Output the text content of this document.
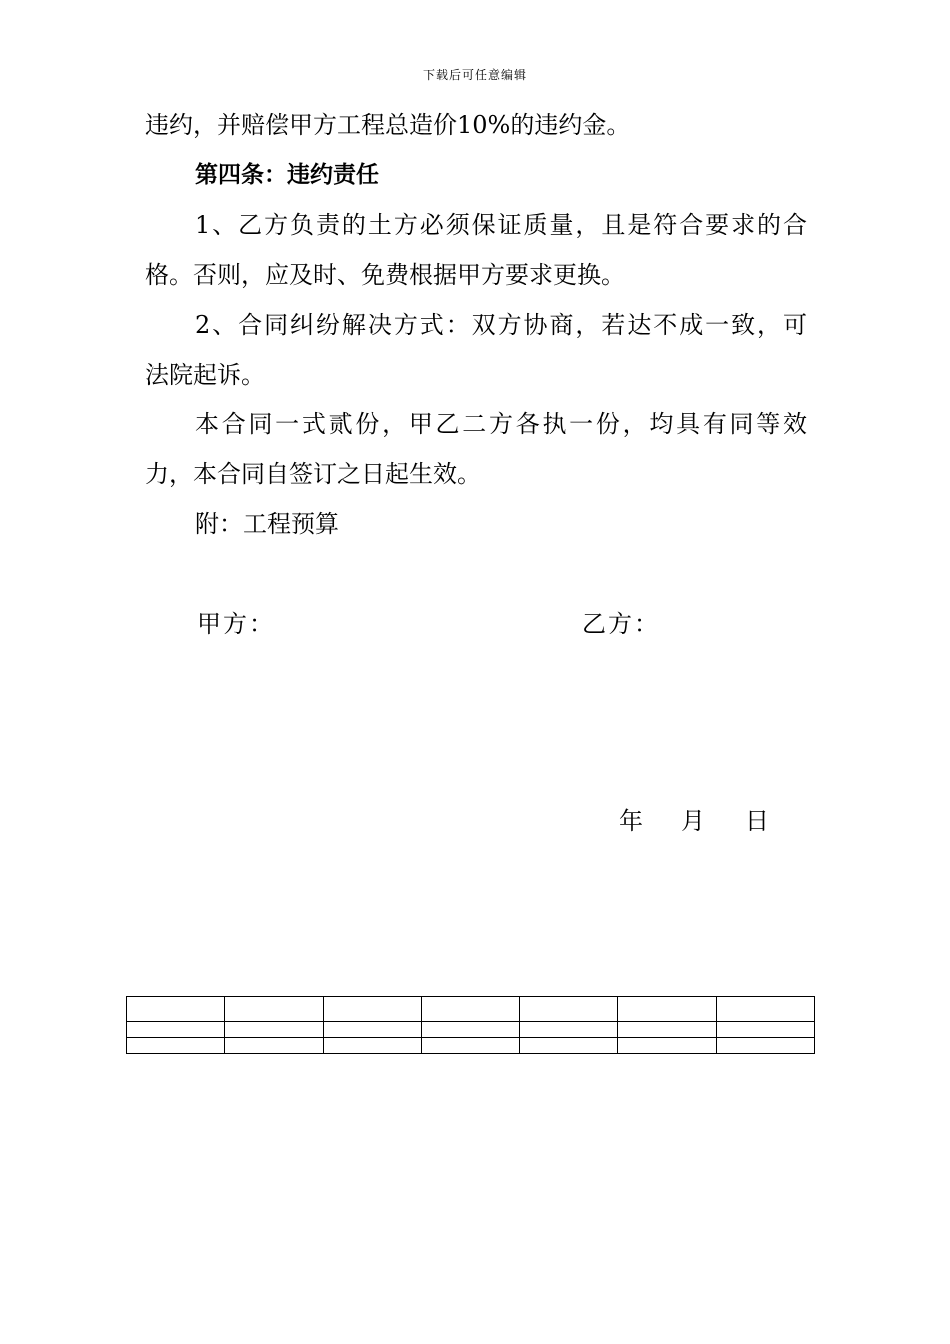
下载后可任意编辑
违约，并赔偿甲方工程总造价10%的违约金。
第四条：违约责任
1、乙方负责的土方必须保证质量，且是符合要求的合
格。否则，应及时、免费根据甲方要求更换。
2、合同纠纷解决方式：双方协商，若达不成一致，可
法院起诉。
本合同一式贰份，甲乙二方各执一份，均具有同等效
力，本合同自签订之日起生效。
附：工程预算
甲方：	乙方：
年 月 日
